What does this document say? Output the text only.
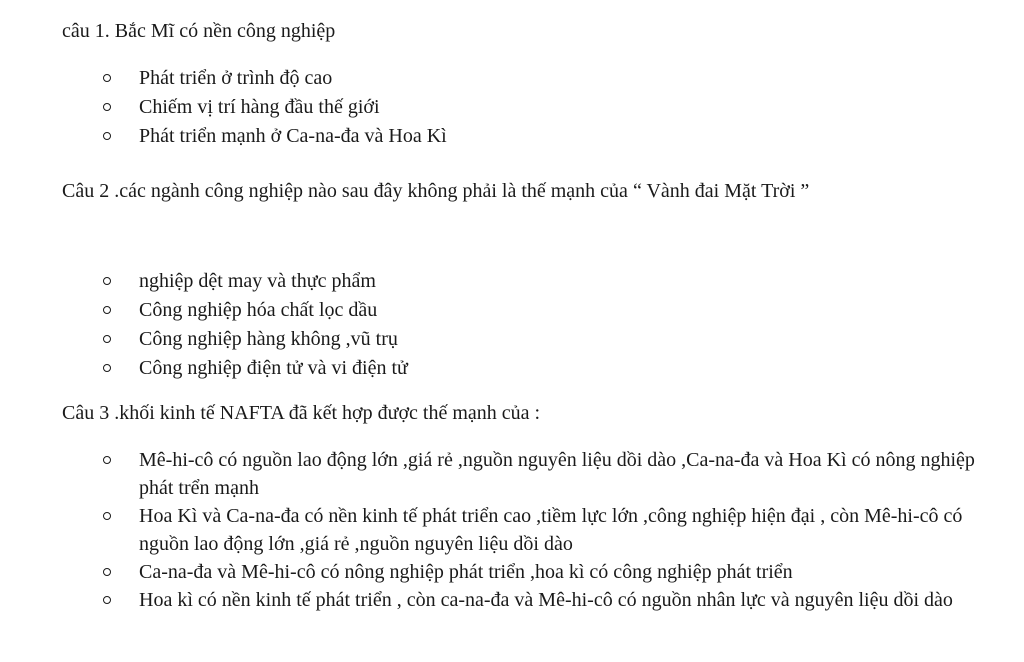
câu 1. Bắc Mĩ có nền công nghiệp
Phát triển ở trình độ cao
Chiếm vị trí hàng đầu thế giới
Phát triển mạnh ở Ca-na-đa và Hoa Kì
Câu 2 .các ngành công nghiệp nào sau đây không phải là thế mạnh của “ Vành đai Mặt Trời ”
nghiệp dệt may và thực phẩm
Công nghiệp hóa chất lọc dầu
Công nghiệp hàng không ,vũ trụ
Công nghiệp điện tử và vi điện tử
Câu 3 .khối kinh tế NAFTA đã kết hợp được thế mạnh của :
Mê-hi-cô có nguồn lao động lớn ,giá rẻ ,nguồn nguyên liệu dồi dào ,Ca-na-đa và Hoa Kì có nông nghiệp phát trển mạnh
Hoa Kì và Ca-na-đa có nền kinh tế phát triển cao ,tiềm lực lớn ,công nghiệp hiện đại , còn Mê-hi-cô có nguồn lao động lớn ,giá rẻ ,nguồn nguyên liệu dồi dào
Ca-na-đa và Mê-hi-cô có nông nghiệp phát triển ,hoa kì có công nghiệp phát triển
Hoa kì có nền kinh tế phát triển , còn ca-na-đa và Mê-hi-cô có nguồn nhân lực và nguyên liệu dồi dào
